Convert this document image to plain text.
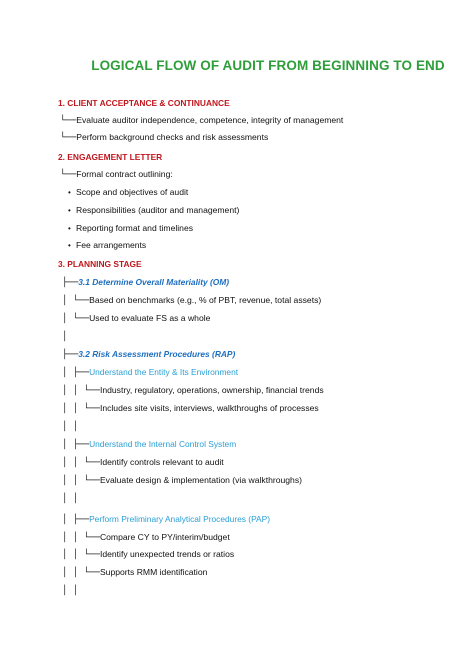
LOGICAL FLOW OF AUDIT FROM BEGINNING TO END
1. CLIENT ACCEPTANCE & CONTINUANCE
└──Evaluate auditor independence, competence, integrity of management
└──Perform background checks and risk assessments
2. ENGAGEMENT LETTER
└──Formal contract outlining:
• Scope and objectives of audit
• Responsibilities (auditor and management)
• Reporting format and timelines
• Fee arrangements
3. PLANNING STAGE
├──3.1 Determine Overall Materiality (OM)
│ └──Based on benchmarks (e.g., % of PBT, revenue, total assets)
│ └──Used to evaluate FS as a whole
│
├──3.2 Risk Assessment Procedures (RAP)
│ ├──Understand the Entity & Its Environment
│ │ └──Industry, regulatory, operations, ownership, financial trends
│ │ └──Includes site visits, interviews, walkthroughs of processes
│ │
│ ├──Understand the Internal Control System
│ │ └──Identify controls relevant to audit
│ │ └──Evaluate design & implementation (via walkthroughs)
│ │
│ ├──Perform Preliminary Analytical Procedures (PAP)
│ │ └──Compare CY to PY/interim/budget
│ │ └──Identify unexpected trends or ratios
│ │ └──Supports RMM identification
│ │
